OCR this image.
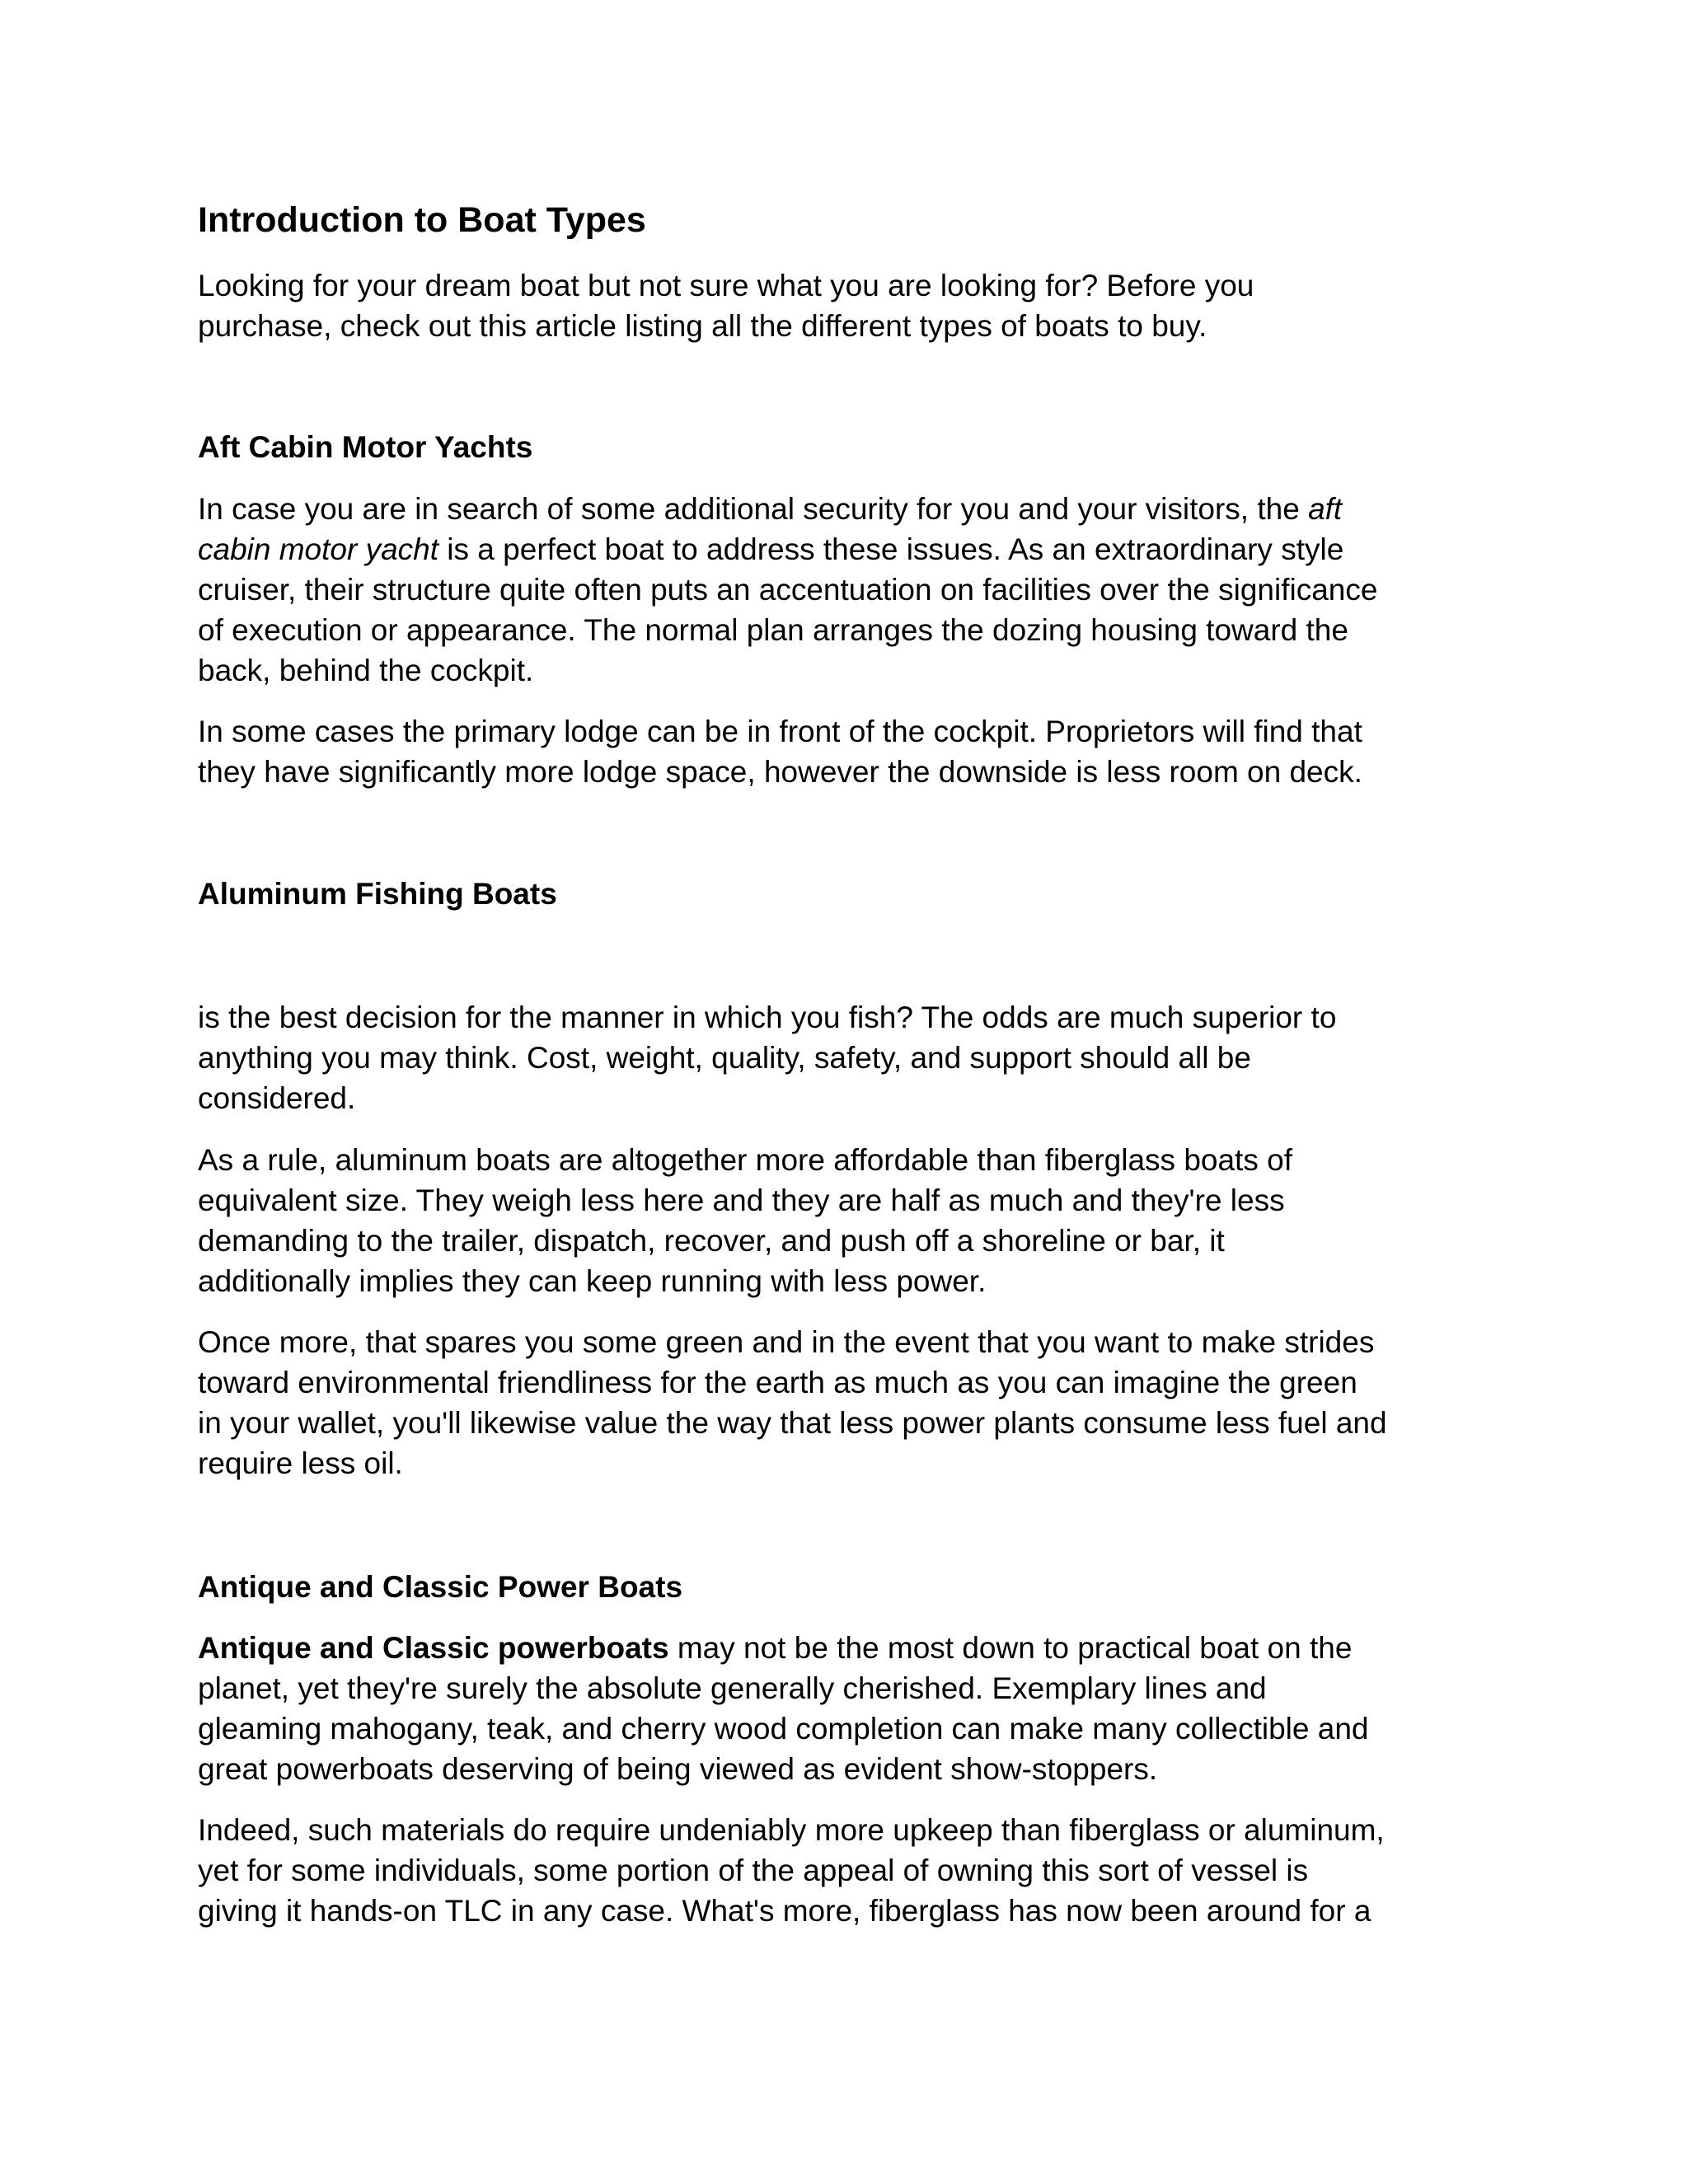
Introduction to Boat Types

Looking for your dream boat but not sure what you are looking for? Before you
purchase, check out this article listing all the different types of boats to buy.

Aft Cabin Motor Yachts

In case you are in search of some additional security for you and your visitors, the aft
cabin motor yacht is a perfect boat to address these issues. As an extraordinary style
cruiser, their structure quite often puts an accentuation on facilities over the significance
of execution or appearance. The normal plan arranges the dozing housing toward the
back, behind the cockpit.

In some cases the primary lodge can be in front of the cockpit. Proprietors will find that
they have significantly more lodge space, however the downside is less room on deck.

Aluminum Fishing Boats

is the best decision for the manner in which you fish? The odds are much superior to
anything you may think. Cost, weight, quality, safety, and support should all be
considered.

As a rule, aluminum boats are altogether more affordable than fiberglass boats of
equivalent size. They weigh less here and they are half as much and they're less
demanding to the trailer, dispatch, recover, and push off a shoreline or bar, it
additionally implies they can keep running with less power.

Once more, that spares you some green and in the event that you want to make strides
toward environmental friendliness for the earth as much as you can imagine the green
in your wallet, you'll likewise value the way that less power plants consume less fuel and
require less oil.

Antique and Classic Power Boats

Antique and Classic powerboats may not be the most down to practical boat on the
planet, yet they're surely the absolute generally cherished. Exemplary lines and
gleaming mahogany, teak, and cherry wood completion can make many collectible and
great powerboats deserving of being viewed as evident show-stoppers.

Indeed, such materials do require undeniably more upkeep than fiberglass or aluminum,
yet for some individuals, some portion of the appeal of owning this sort of vessel is
giving it hands-on TLC in any case. What's more, fiberglass has now been around for a
